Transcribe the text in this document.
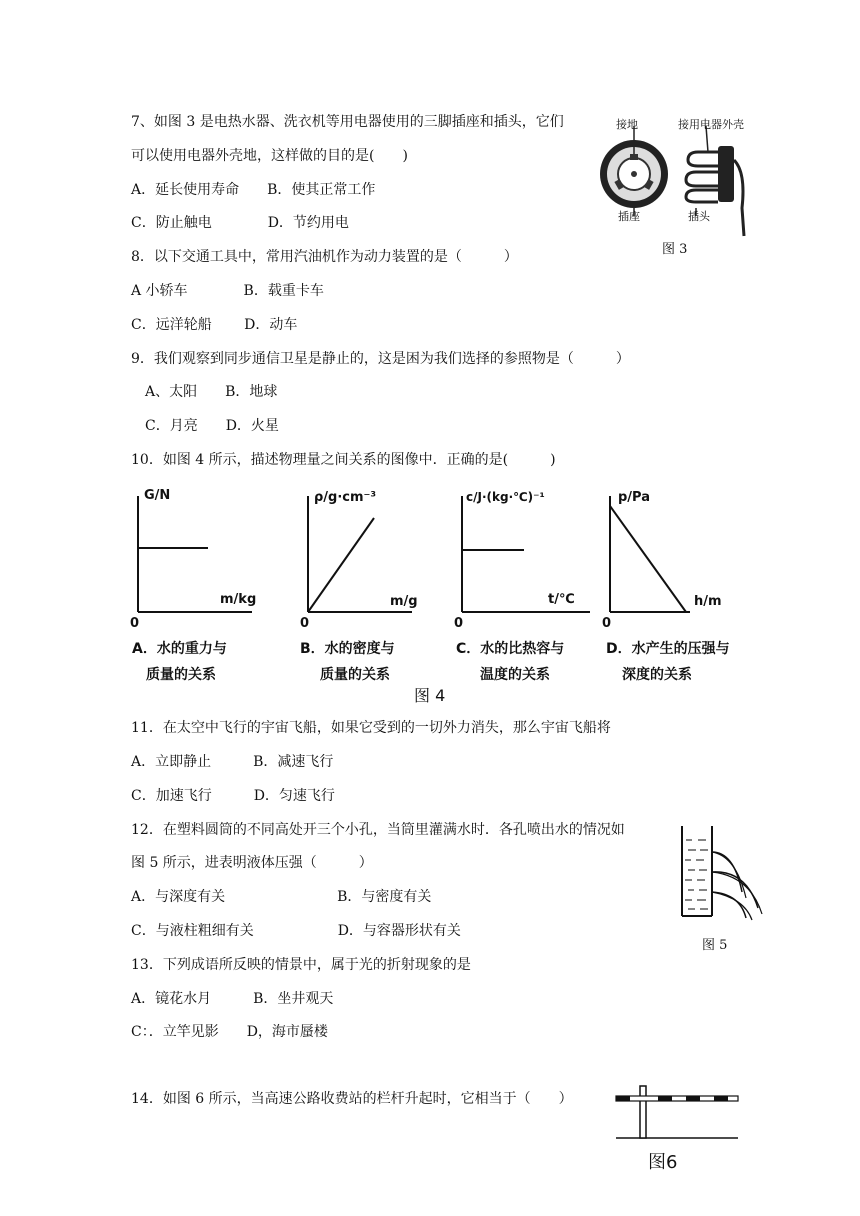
7、如图 3 是电热水器、洗衣机等用电器使用的三脚插座和插头，它们
可以使用电器外壳地，这样做的目的是(　　)
A．延长使用寿命　　B．使其正常工作
C．防止触电　　　　D．节约用电
接地	接用电器外壳
插座	插头
图 3
8．以下交通工具中，常用汽油机作为动力装置的是（　　　）
A 小轿车　　　　B．载重卡车
C．远洋轮船　　 D．动车
9．我们观察到同步通信卫星是静止的，这是困为我们选择的参照物是（　　　）
A、太阳　　B．地球
C．月亮　　D．火星
10．如图 4 所示，描述物理量之间关系的图像中．正确的是(　　　)
G/N
m/kg
0
A．水的重力与
质量的关系
ρ/g·cm⁻³
m/g
0
B．水的密度与
质量的关系
c/J·(kg·℃)⁻¹
t/℃
0
C．水的比热容与
温度的关系
p/Pa
h/m
0
D．水产生的压强与
深度的关系
图 4
11．在太空中飞行的宇宙飞船，如果它受到的一切外力消失，那么宇宙飞船将
A．立即静止　　　B．减速飞行
C．加速飞行　　　D．匀速飞行
12．在塑料圆筒的不同高处开三个小孔，当筒里灌满水时．各孔喷出水的情况如
图 5 所示，进表明液体压强（　　　）
A．与深度有关　　　　　　　　B．与密度有关
C．与液柱粗细有关　　　　　　D．与容器形状有关
图 5
13．下列成语所反映的情景中，属于光的折射现象的是
A．镜花水月　　　B．坐井观天
C：．立竿见影　　D，海市蜃楼
14．如图 6 所示，当高速公路收费站的栏杆升起时，它相当于（　　）
图6
